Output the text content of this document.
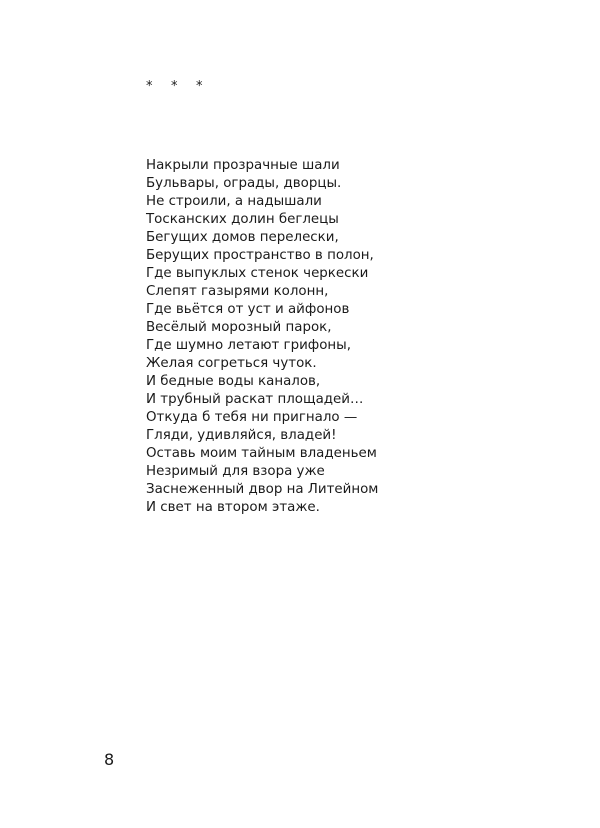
* * *
Накрыли прозрачные шали
Бульвары, ограды, дворцы.
Не строили, а надышали
Тосканских долин беглецы
Бегущих домов перелески,
Берущих пространство в полон,
Где выпуклых стенок черкески
Слепят газырями колонн,
Где вьётся от уст и айфонов
Весёлый морозный парок,
Где шумно летают грифоны,
Желая согреться чуток.
И бедные воды каналов,
И трубный раскат площадей…
Откуда б тебя ни пригнало —
Гляди, удивляйся, владей!
Оставь моим тайным владеньем
Незримый для взора уже
Заснеженный двор на Литейном
И свет на втором этаже.
8
